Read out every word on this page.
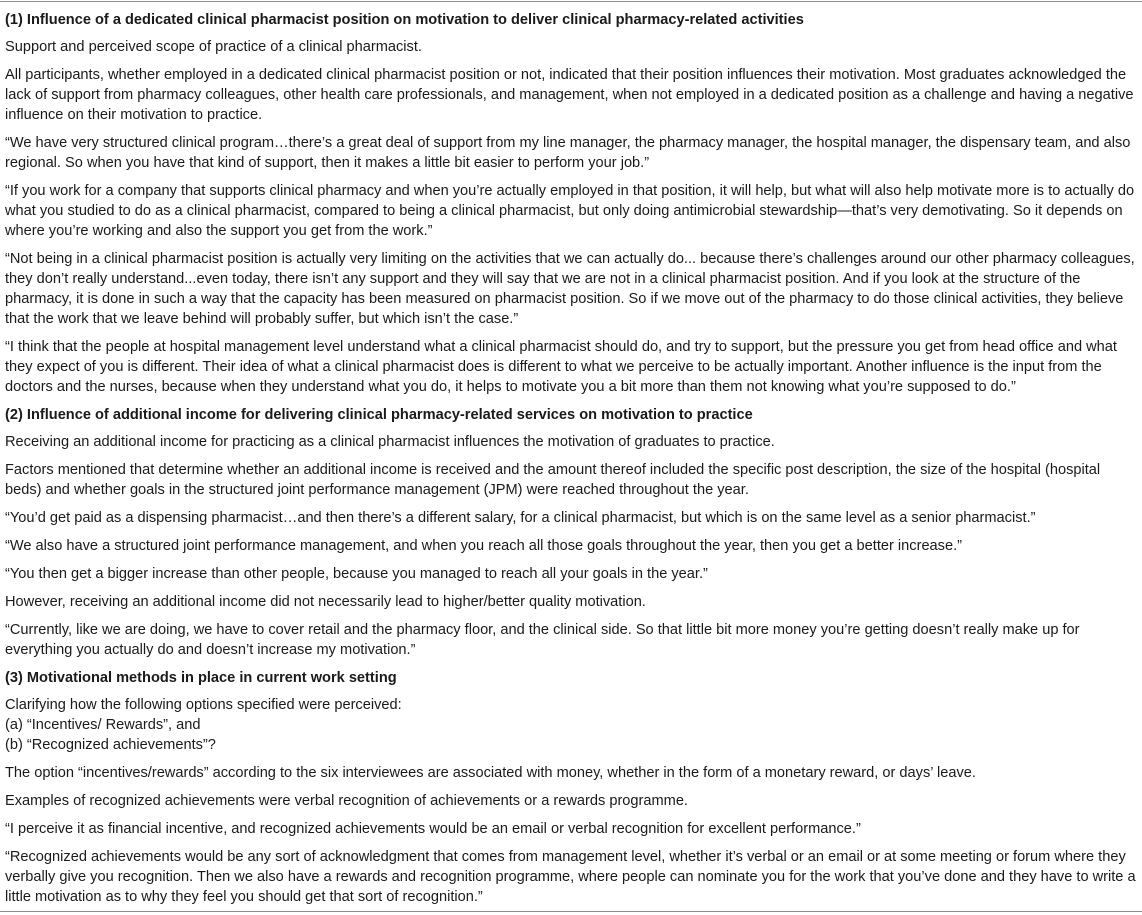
(1) Influence of a dedicated clinical pharmacist position on motivation to deliver clinical pharmacy-related activities

Support and perceived scope of practice of a clinical pharmacist.

All participants, whether employed in a dedicated clinical pharmacist position or not, indicated that their position influences their motivation. Most graduates acknowledged the lack of support from pharmacy colleagues, other health care professionals, and management, when not employed in a dedicated position as a challenge and having a negative influence on their motivation to practice.

“We have very structured clinical program…there’s a great deal of support from my line manager, the pharmacy manager, the hospital manager, the dispensary team, and also regional. So when you have that kind of support, then it makes a little bit easier to perform your job.”

“If you work for a company that supports clinical pharmacy and when you’re actually employed in that position, it will help, but what will also help motivate more is to actually do what you studied to do as a clinical pharmacist, compared to being a clinical pharmacist, but only doing antimicrobial stewardship—that’s very demotivating. So it depends on where you’re working and also the support you get from the work.”

“Not being in a clinical pharmacist position is actually very limiting on the activities that we can actually do... because there’s challenges around our other pharmacy colleagues, they don’t really understand...even today, there isn’t any support and they will say that we are not in a clinical pharmacist position. And if you look at the structure of the pharmacy, it is done in such a way that the capacity has been measured on pharmacist position. So if we move out of the pharmacy to do those clinical activities, they believe that the work that we leave behind will probably suffer, but which isn’t the case.”

“I think that the people at hospital management level understand what a clinical pharmacist should do, and try to support, but the pressure you get from head office and what they expect of you is different. Their idea of what a clinical pharmacist does is different to what we perceive to be actually important. Another influence is the input from the doctors and the nurses, because when they understand what you do, it helps to motivate you a bit more than them not knowing what you’re supposed to do.”

(2) Influence of additional income for delivering clinical pharmacy-related services on motivation to practice

Receiving an additional income for practicing as a clinical pharmacist influences the motivation of graduates to practice.

Factors mentioned that determine whether an additional income is received and the amount thereof included the specific post description, the size of the hospital (hospital beds) and whether goals in the structured joint performance management (JPM) were reached throughout the year.

“You’d get paid as a dispensing pharmacist…and then there’s a different salary, for a clinical pharmacist, but which is on the same level as a senior pharmacist.”

“We also have a structured joint performance management, and when you reach all those goals throughout the year, then you get a better increase.”

“You then get a bigger increase than other people, because you managed to reach all your goals in the year.”

However, receiving an additional income did not necessarily lead to higher/better quality motivation.

“Currently, like we are doing, we have to cover retail and the pharmacy floor, and the clinical side. So that little bit more money you’re getting doesn’t really make up for everything you actually do and doesn’t increase my motivation.”

(3) Motivational methods in place in current work setting

Clarifying how the following options specified were perceived:

(a) “Incentives/ Rewards”, and

(b) “Recognized achievements”?

The option “incentives/rewards” according to the six interviewees are associated with money, whether in the form of a monetary reward, or days’ leave.

Examples of recognized achievements were verbal recognition of achievements or a rewards programme.

“I perceive it as financial incentive, and recognized achievements would be an email or verbal recognition for excellent performance.”

“Recognized achievements would be any sort of acknowledgment that comes from management level, whether it’s verbal or an email or at some meeting or forum where they verbally give you recognition. Then we also have a rewards and recognition programme, where people can nominate you for the work that you’ve done and they have to write a little motivation as to why they feel you should get that sort of recognition.”
